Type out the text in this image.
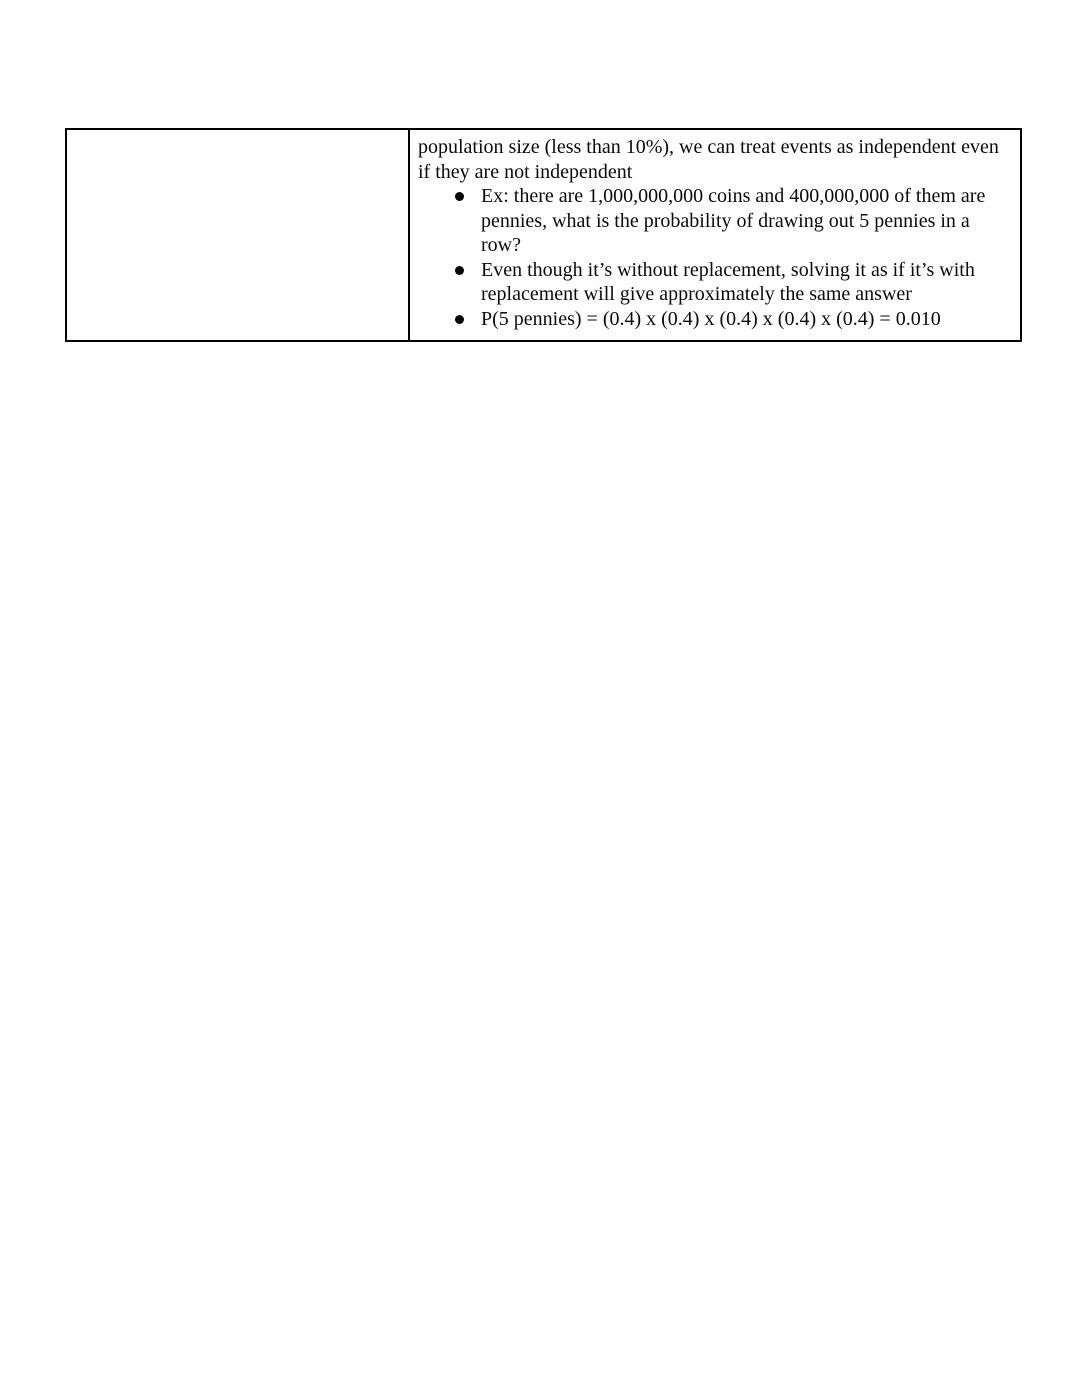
population size (less than 10%), we can treat events as independent even if they are not independent

Ex: there are 1,000,000,000 coins and 400,000,000 of them are pennies, what is the probability of drawing out 5 pennies in a row?
Even though it’s without replacement, solving it as if it’s with replacement will give approximately the same answer
P(5 pennies) = (0.4) x (0.4) x (0.4) x (0.4) x (0.4) = 0.010
